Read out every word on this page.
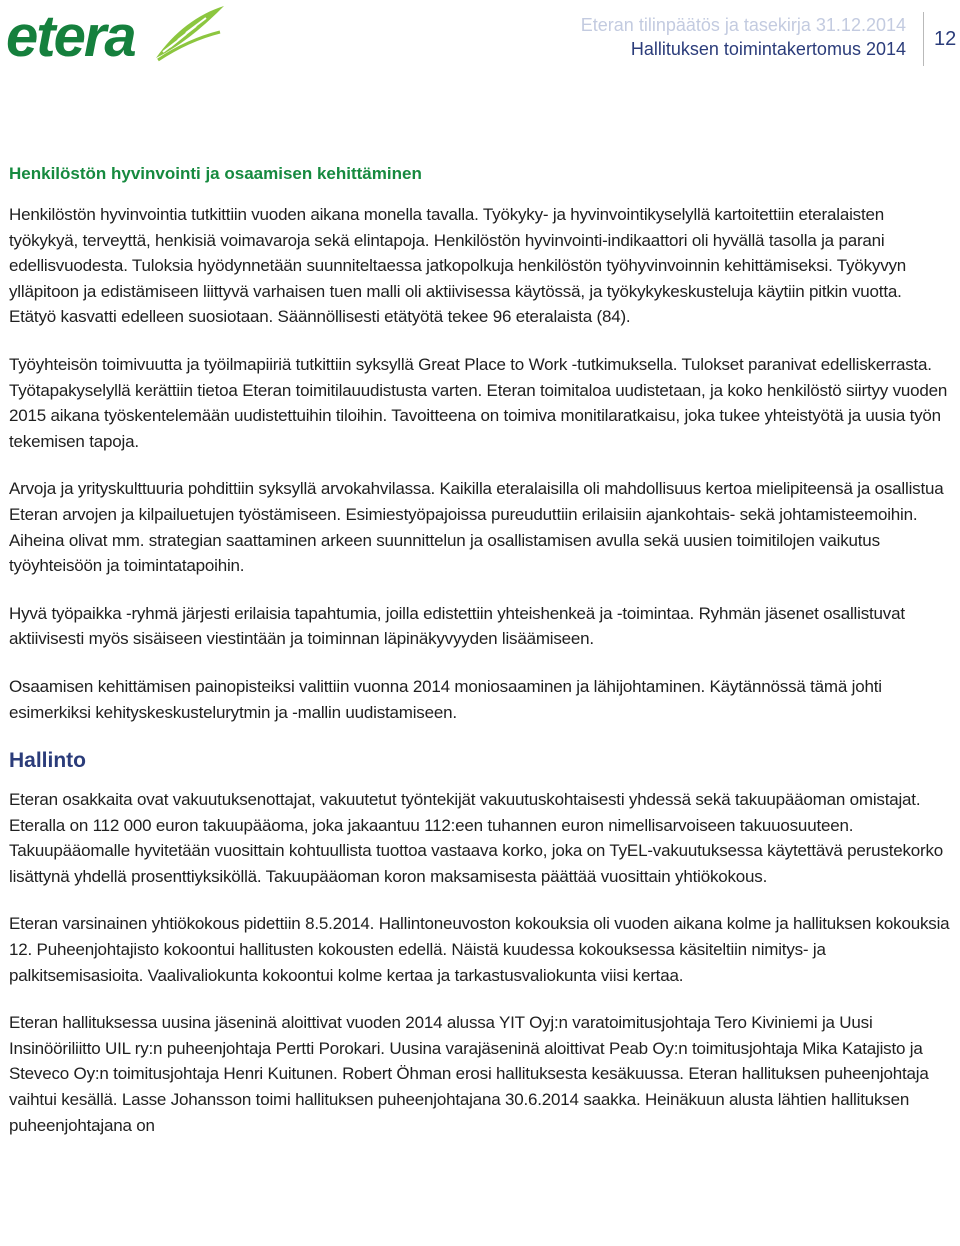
etera	Eteran tilinpäätös ja tasekirja 31.12.2014
Hallituksen toimintakertomus 2014 12
Henkilöstön hyvinvointi ja osaamisen kehittäminen

Henkilöstön hyvinvointia tutkittiin vuoden aikana monella tavalla. Työkyky- ja hyvinvointikyselyllä kartoitettiin eteralaisten työkykyä, terveyttä, henkisiä voimavaroja sekä elintapoja. Henkilöstön hyvinvointi-indikaattori oli hyvällä tasolla ja parani edellisvuodesta. Tuloksia hyödynnetään suunniteltaessa jatkopolkuja henkilöstön työhyvinvoinnin kehittämiseksi. Työkyvyn ylläpitoon ja edistämiseen liittyvä varhaisen tuen malli oli aktiivisessa käytössä, ja työkykykeskusteluja käytiin pitkin vuotta. Etätyö kasvatti edelleen suosiotaan. Säännöllisesti etätyötä tekee 96 eteralaista (84).

Työyhteisön toimivuutta ja työilmapiiriä tutkittiin syksyllä Great Place to Work -tutkimuksella. Tulokset paranivat edelliskerrasta. Työtapakyselyllä kerättiin tietoa Eteran toimitilauudistusta varten. Eteran toimitaloa uudistetaan, ja koko henkilöstö siirtyy vuoden 2015 aikana työskentelemään uudistettuihin tiloihin. Tavoitteena on toimiva monitilaratkaisu, joka tukee yhteistyötä ja uusia työn tekemisen tapoja.

Arvoja ja yrityskulttuuria pohdittiin syksyllä arvokahvilassa. Kaikilla eteralaisilla oli mahdollisuus kertoa mielipiteensä ja osallistua Eteran arvojen ja kilpailuetujen työstämiseen. Esimiestyöpajoissa pureuduttiin erilaisiin ajankohtais- sekä johtamisteemoihin. Aiheina olivat mm. strategian saattaminen arkeen suunnittelun ja osallistamisen avulla sekä uusien toimitilojen vaikutus työyhteisöön ja toimintatapoihin.

Hyvä työpaikka -ryhmä järjesti erilaisia tapahtumia, joilla edistettiin yhteishenkeä ja -toimintaa. Ryhmän jäsenet osallistuvat aktiivisesti myös sisäiseen viestintään ja toiminnan läpinäkyvyyden lisäämiseen.

Osaamisen kehittämisen painopisteiksi valittiin vuonna 2014 moniosaaminen ja lähijohtaminen. Käytännössä tämä johti esimerkiksi kehityskeskustelurytmin ja -mallin uudistamiseen.

Hallinto

Eteran osakkaita ovat vakuutuksenottajat, vakuutetut työntekijät vakuutuskohtaisesti yhdessä sekä takuupääoman omistajat. Eterallа on 112 000 euron takuupääoma, joka jakaantuu 112:een tuhannen euron nimellisarvoiseen takuuosuuteen. Takuupääomalle hyvitetään vuosittain kohtuullista tuottoa vastaava korko, joka on TyEL-vakuutuksessa käytettävä perustekorko lisättynä yhdellä prosenttiyksiköllä. Takuupääoman koron maksamisesta päättää vuosittain yhtiökokous.

Eteran varsinainen yhtiökokous pidettiin 8.5.2014. Hallintoneuvoston kokouksia oli vuoden aikana kolme ja hallituksen kokouksia 12. Puheenjohtajisto kokoontui hallitusten kokousten edellä. Näistä kuudessa kokouksessa käsiteltiin nimitys- ja palkitsemisasioita. Vaalivaliokunta kokoontui kolme kertaa ja tarkastusvaliokunta viisi kertaa.

Eteran hallituksessa uusina jäseninä aloittivat vuoden 2014 alussa YIT Oyj:n varatoimitusjohtaja Tero Kiviniemi ja Uusi Insinööriliitto UIL ry:n puheenjohtaja Pertti Porokari. Uusina varajäseninä aloittivat Peab Oy:n toimitusjohtaja Mika Katajisto ja Steveco Oy:n toimitusjohtaja Henri Kuitunen. Robert Öhman erosi hallituksesta kesäkuussa. Eteran hallituksen puheenjohtaja vaihtui kesällä. Lasse Johansson toimi hallituksen puheenjohtajana 30.6.2014 saakka. Heinäkuun alusta lähtien hallituksen puheenjohtajana on
